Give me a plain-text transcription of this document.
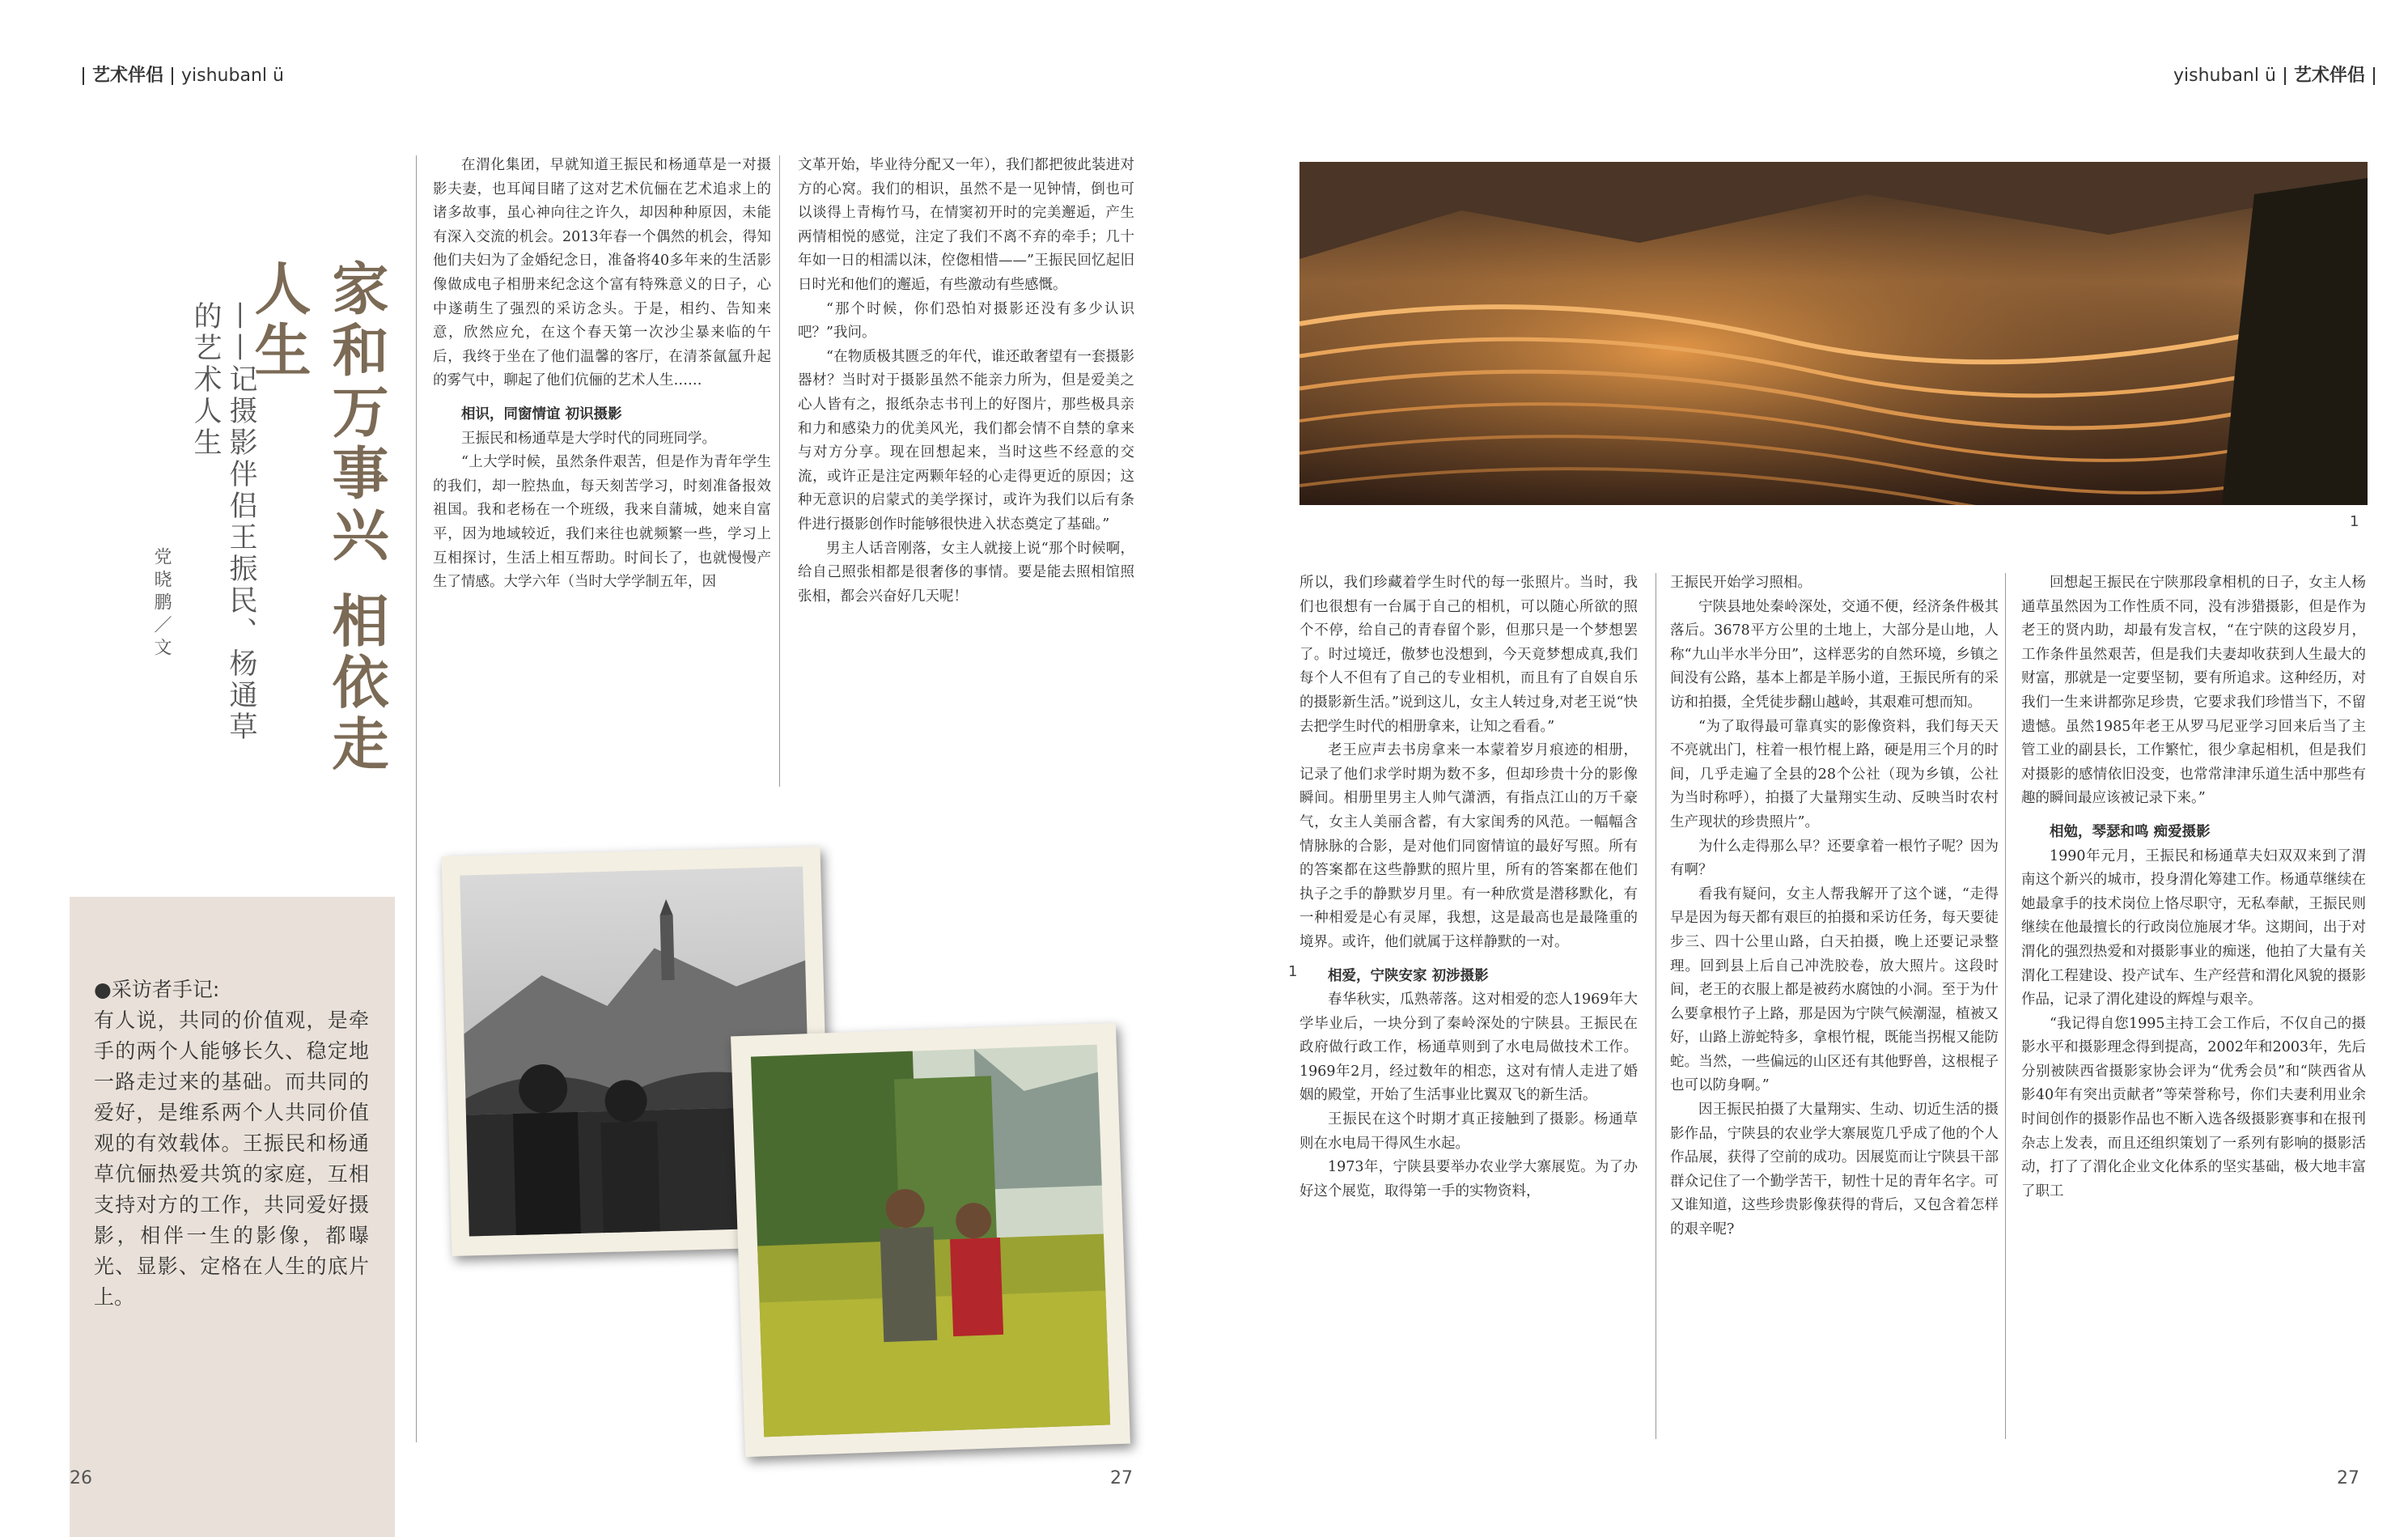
艺术伴侣 yishubanl ü	yishubanl ü 艺术伴侣
家和万事兴 相依走人生
——记摄影伴侣王振民、杨通草的艺术人生
党晓鹏／文

●采访者手记:

有人说，共同的价值观，是牵手的两个人能够长久、稳定地一路走过来的基础。而共同的爱好，是维系两个人共同价值观的有效载体。王振民和杨通草伉俪热爱共筑的家庭，互相支持对方的工作，共同爱好摄影，相伴一生的影像，都曝光、显影、定格在人生的底片上。

在渭化集团，早就知道王振民和杨通草是一对摄影夫妻，也耳闻目睹了这对艺术伉俪在艺术追求上的诸多故事，虽心神向往之许久，却因种种原因，未能有深入交流的机会。2013年春一个偶然的机会，得知他们夫妇为了金婚纪念日，准备将40多年来的生活影像做成电子相册来纪念这个富有特殊意义的日子，心中遂萌生了强烈的采访念头。于是，相约、告知来意，欣然应允，在这个春天第一次沙尘暴来临的午后，我终于坐在了他们温馨的客厅，在清茶氤氲升起的雾气中，聊起了他们伉俪的艺术人生……

相识，同窗情谊 初识摄影

王振民和杨通草是大学时代的同班同学。

“上大学时候，虽然条件艰苦，但是作为青年学生的我们，却一腔热血，每天刻苦学习，时刻准备报效祖国。我和老杨在一个班级，我来自蒲城，她来自富平，因为地域较近，我们来往也就频繁一些，学习上互相探讨，生活上相互帮助。时间长了，也就慢慢产生了情感。大学六年（当时大学学制五年，因

文革开始，毕业待分配又一年），我们都把彼此装进对方的心窝。我们的相识，虽然不是一见钟情，倒也可以谈得上青梅竹马，在情窦初开时的完美邂逅，产生两情相悦的感觉，注定了我们不离不弃的牵手；几十年如一日的相濡以沫，倥偬相惜——”王振民回忆起旧日时光和他们的邂逅，有些激动有些感慨。

“那个时候，你们恐怕对摄影还没有多少认识吧？”我问。

“在物质极其匮乏的年代，谁还敢奢望有一套摄影器材？当时对于摄影虽然不能亲力所为，但是爱美之心人皆有之，报纸杂志书刊上的好图片，那些极具亲和力和感染力的优美风光，我们都会情不自禁的拿来与对方分享。现在回想起来，当时这些不经意的交流，或许正是注定两颗年轻的心走得更近的原因；这种无意识的启蒙式的美学探讨，或许为我们以后有条件进行摄影创作时能够很快进入状态奠定了基础。”

男主人话音刚落，女主人就接上说“那个时候啊，给自己照张相都是很奢侈的事情。要是能去照相馆照张相，都会兴奋好几天呢！

1
1

所以，我们珍藏着学生时代的每一张照片。当时，我们也很想有一台属于自己的相机，可以随心所欲的照个不停，给自己的青春留个影，但那只是一个梦想罢了。时过境迁，傲梦也没想到，今天竟梦想成真,我们每个人不但有了自己的专业相机，而且有了自娱自乐的摄影新生活。”说到这儿，女主人转过身,对老王说“快去把学生时代的相册拿来，让知之看看。”

老王应声去书房拿来一本蒙着岁月痕迹的相册，记录了他们求学时期为数不多，但却珍贵十分的影像瞬间。相册里男主人帅气潇洒，有指点江山的万千豪气，女主人美丽含蓄，有大家闺秀的风范。一幅幅含情脉脉的合影，是对他们同窗情谊的最好写照。所有的答案都在这些静默的照片里，所有的答案都在他们执子之手的静默岁月里。有一种欣赏是潜移默化，有一种相爱是心有灵犀，我想，这是最高也是最隆重的境界。或许，他们就属于这样静默的一对。

相爱，宁陕安家 初涉摄影

春华秋实，瓜熟蒂落。这对相爱的恋人1969年大学毕业后，一块分到了秦岭深处的宁陕县。王振民在政府做行政工作，杨通草则到了水电局做技术工作。1969年2月，经过数年的相恋，这对有情人走进了婚姻的殿堂，开始了生活事业比翼双飞的新生活。

王振民在这个时期才真正接触到了摄影。杨通草则在水电局干得风生水起。

1973年，宁陕县要举办农业学大寨展览。为了办好这个展览，取得第一手的实物资料，

王振民开始学习照相。

宁陕县地处秦岭深处，交通不便，经济条件极其落后。3678平方公里的土地上，大部分是山地，人称“九山半水半分田”，这样恶劣的自然环境，乡镇之间没有公路，基本上都是羊肠小道，王振民所有的采访和拍摄，全凭徒步翻山越岭，其艰难可想而知。

“为了取得最可靠真实的影像资料，我们每天天不亮就出门，柱着一根竹棍上路，硬是用三个月的时间，几乎走遍了全县的28个公社（现为乡镇，公社为当时称呼），拍摄了大量翔实生动、反映当时农村生产现状的珍贵照片”。

为什么走得那么早？还要拿着一根竹子呢？因为有啊？

看我有疑问，女主人帮我解开了这个谜，“走得早是因为每天都有艰巨的拍摄和采访任务，每天要徒步三、四十公里山路，白天拍摄，晚上还要记录整理。回到县上后自己冲洗胶卷，放大照片。这段时间，老王的衣服上都是被药水腐蚀的小洞。至于为什么要拿根竹子上路，那是因为宁陕气候潮湿，植被又好，山路上游蛇特多，拿根竹棍，既能当拐棍又能防蛇。当然，一些偏远的山区还有其他野兽，这根棍子也可以防身啊。”

因王振民拍摄了大量翔实、生动、切近生活的摄影作品，宁陕县的农业学大寨展览几乎成了他的个人作品展，获得了空前的成功。因展览而让宁陕县干部群众记住了一个勤学苦干，韧性十足的青年名字。可又谁知道，这些珍贵影像获得的背后，又包含着怎样的艰辛呢?

回想起王振民在宁陕那段拿相机的日子，女主人杨通草虽然因为工作性质不同，没有涉猎摄影，但是作为老王的贤内助，却最有发言权，“在宁陕的这段岁月，工作条件虽然艰苦，但是我们夫妻却收获到人生最大的财富，那就是一定要坚韧，要有所追求。这种经历，对我们一生来讲都弥足珍贵，它要求我们珍惜当下，不留遗憾。虽然1985年老王从罗马尼亚学习回来后当了主管工业的副县长，工作繁忙，很少拿起相机，但是我们对摄影的感情依旧没变，也常常津津乐道生活中那些有趣的瞬间最应该被记录下来。”

相勉，琴瑟和鸣 痴爱摄影

1990年元月，王振民和杨通草夫妇双双来到了渭南这个新兴的城市，投身渭化筹建工作。杨通草继续在她最拿手的技术岗位上恪尽职守，无私奉献，王振民则继续在他最擅长的行政岗位施展才华。这期间，出于对渭化的强烈热爱和对摄影事业的痴迷，他拍了大量有关渭化工程建设、投产试车、生产经营和渭化风貌的摄影作品，记录了渭化建设的辉煌与艰辛。

“我记得自您1995主持工会工作后，不仅自己的摄影水平和摄影理念得到提高，2002年和2003年，先后分别被陕西省摄影家协会评为“优秀会员”和“陕西省从影40年有突出贡献者”等荣誉称号，你们夫妻利用业余时间创作的摄影作品也不断入选各级摄影赛事和在报刊杂志上发表，而且还组织策划了一系列有影响的摄影活动，打了了渭化企业文化体系的坚实基础，极大地丰富了职工

26	27	27
